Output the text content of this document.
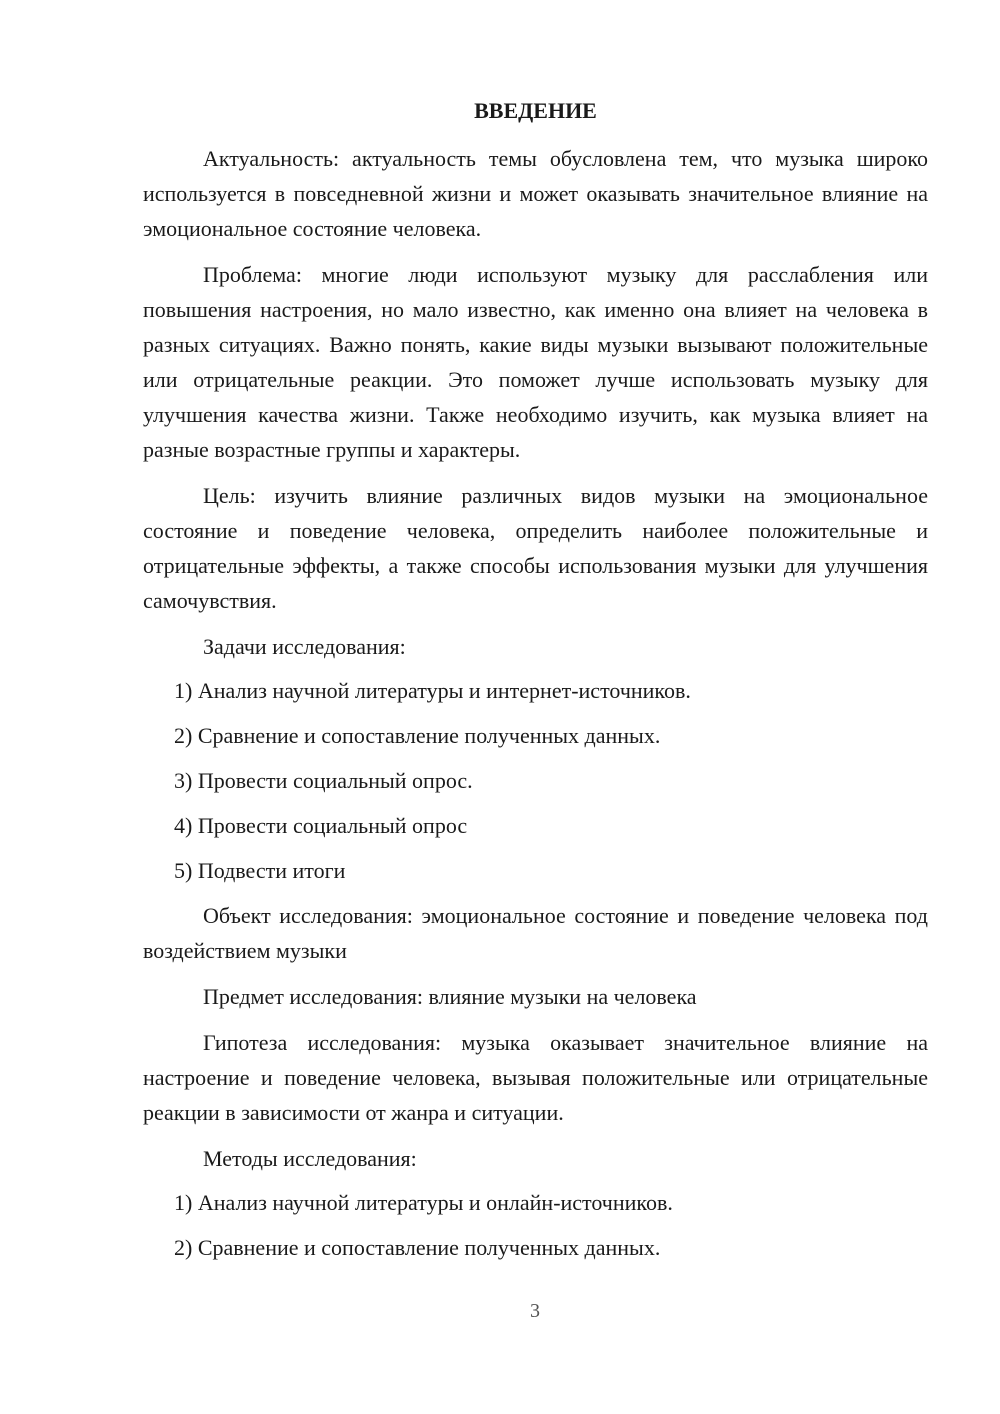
ВВЕДЕНИЕ
Актуальность: актуальность темы обусловлена тем, что музыка широко используется в повседневной жизни и может оказывать значительное влияние на эмоциональное состояние человека.
Проблема: многие люди используют музыку для расслабления или повышения настроения, но мало известно, как именно она влияет на человека в разных ситуациях. Важно понять, какие виды музыки вызывают положительные или отрицательные реакции. Это поможет лучше использовать музыку для улучшения качества жизни. Также необходимо изучить, как музыка влияет на разные возрастные группы и характеры.
Цель: изучить влияние различных видов музыки на эмоциональное состояние и поведение человека, определить наиболее положительные и отрицательные эффекты, а также способы использования музыки для улучшения самочувствия.
Задачи исследования:
1) Анализ научной литературы и интернет-источников.
2) Сравнение и сопоставление полученных данных.
3) Провести социальный опрос.
4) Провести социальный опрос
5) Подвести итоги
Объект исследования: эмоциональное состояние и поведение человека под воздействием музыки
Предмет исследования: влияние музыки на человека
Гипотеза исследования: музыка оказывает значительное влияние на настроение и поведение человека, вызывая положительные или отрицательные реакции в зависимости от жанра и ситуации.
Методы исследования:
1) Анализ научной литературы и онлайн-источников.
2) Сравнение и сопоставление полученных данных.
3
